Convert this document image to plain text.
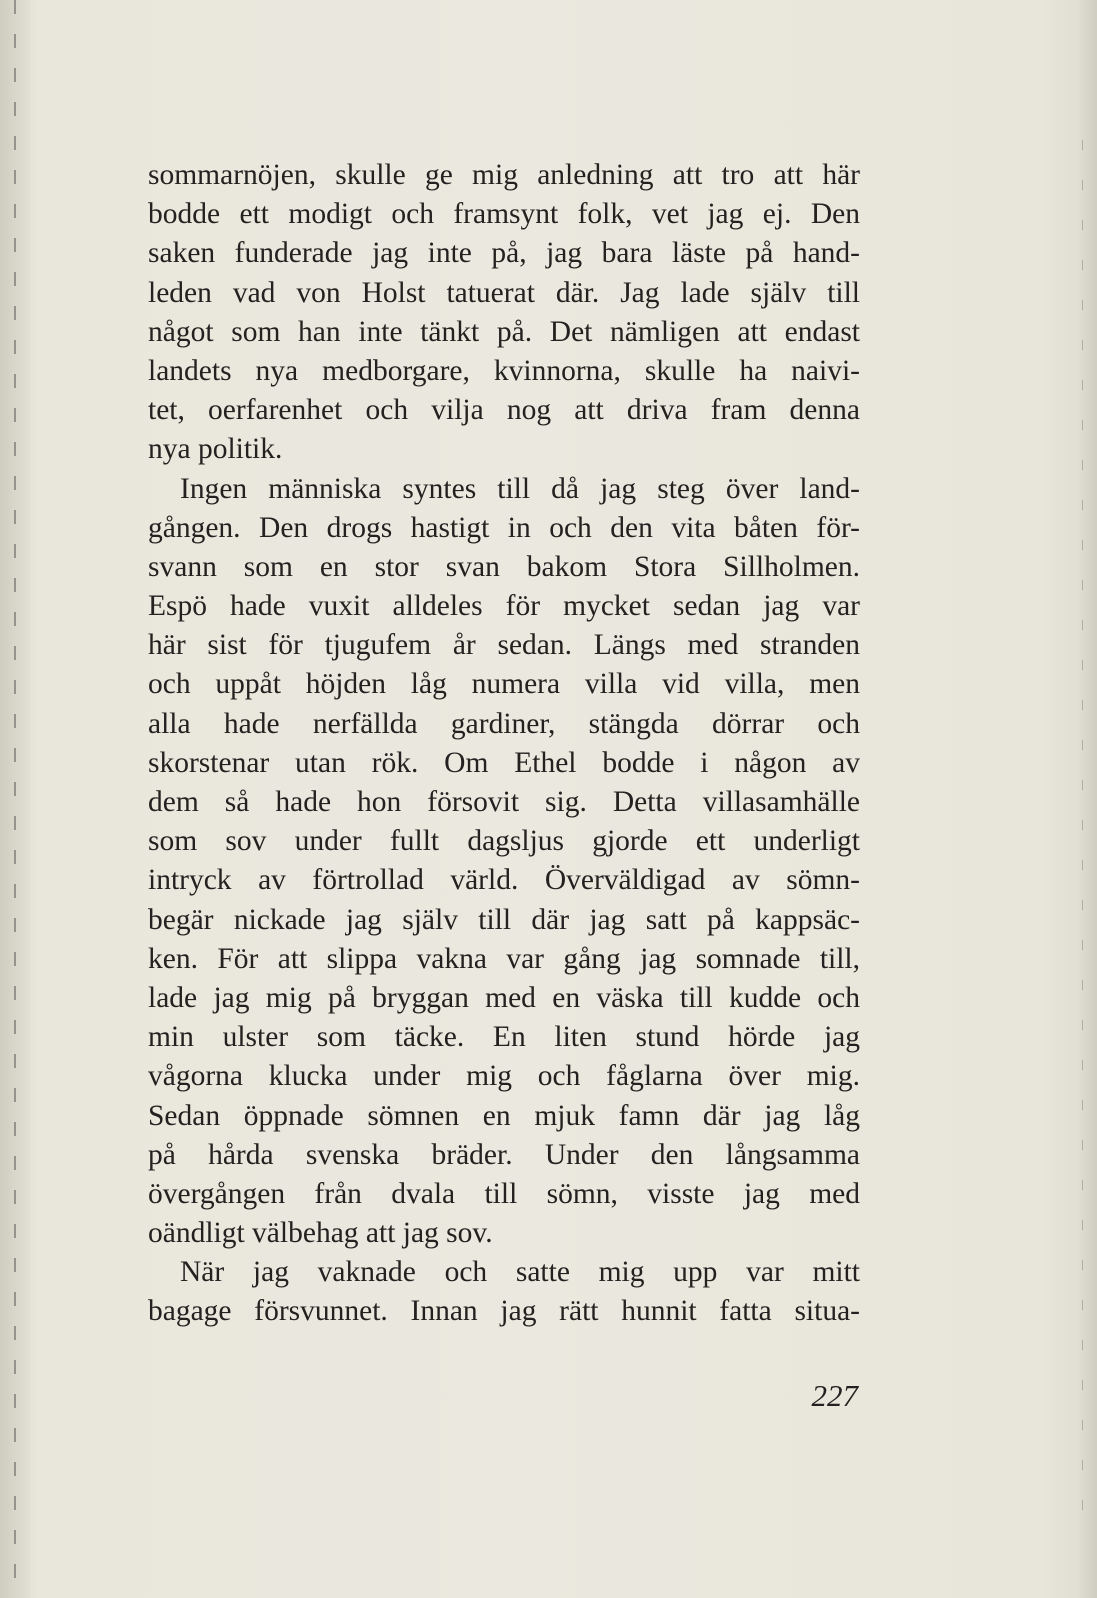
sommarnöjen, skulle ge mig anledning att tro att här
bodde ett modigt och framsynt folk, vet jag ej. Den
saken funderade jag inte på, jag bara läste på hand-
leden vad von Holst tatuerat där. Jag lade själv till
något som han inte tänkt på. Det nämligen att endast
landets nya medborgare, kvinnorna, skulle ha naivi-
tet, oerfarenhet och vilja nog att driva fram denna
nya politik.
Ingen människa syntes till då jag steg över land-
gången. Den drogs hastigt in och den vita båten för-
svann som en stor svan bakom Stora Sillholmen.
Espö hade vuxit alldeles för mycket sedan jag var
här sist för tjugufem år sedan. Längs med stranden
och uppåt höjden låg numera villa vid villa, men
alla hade nerfällda gardiner, stängda dörrar och
skorstenar utan rök. Om Ethel bodde i någon av
dem så hade hon försovit sig. Detta villasamhälle
som sov under fullt dagsljus gjorde ett underligt
intryck av förtrollad värld. Överväldigad av sömn-
begär nickade jag själv till där jag satt på kappsäc-
ken. För att slippa vakna var gång jag somnade till,
lade jag mig på bryggan med en väska till kudde och
min ulster som täcke. En liten stund hörde jag
vågorna klucka under mig och fåglarna över mig.
Sedan öppnade sömnen en mjuk famn där jag låg
på hårda svenska bräder. Under den långsamma
övergången från dvala till sömn, visste jag med
oändligt välbehag att jag sov.
När jag vaknade och satte mig upp var mitt
bagage försvunnet. Innan jag rätt hunnit fatta situa-
227
